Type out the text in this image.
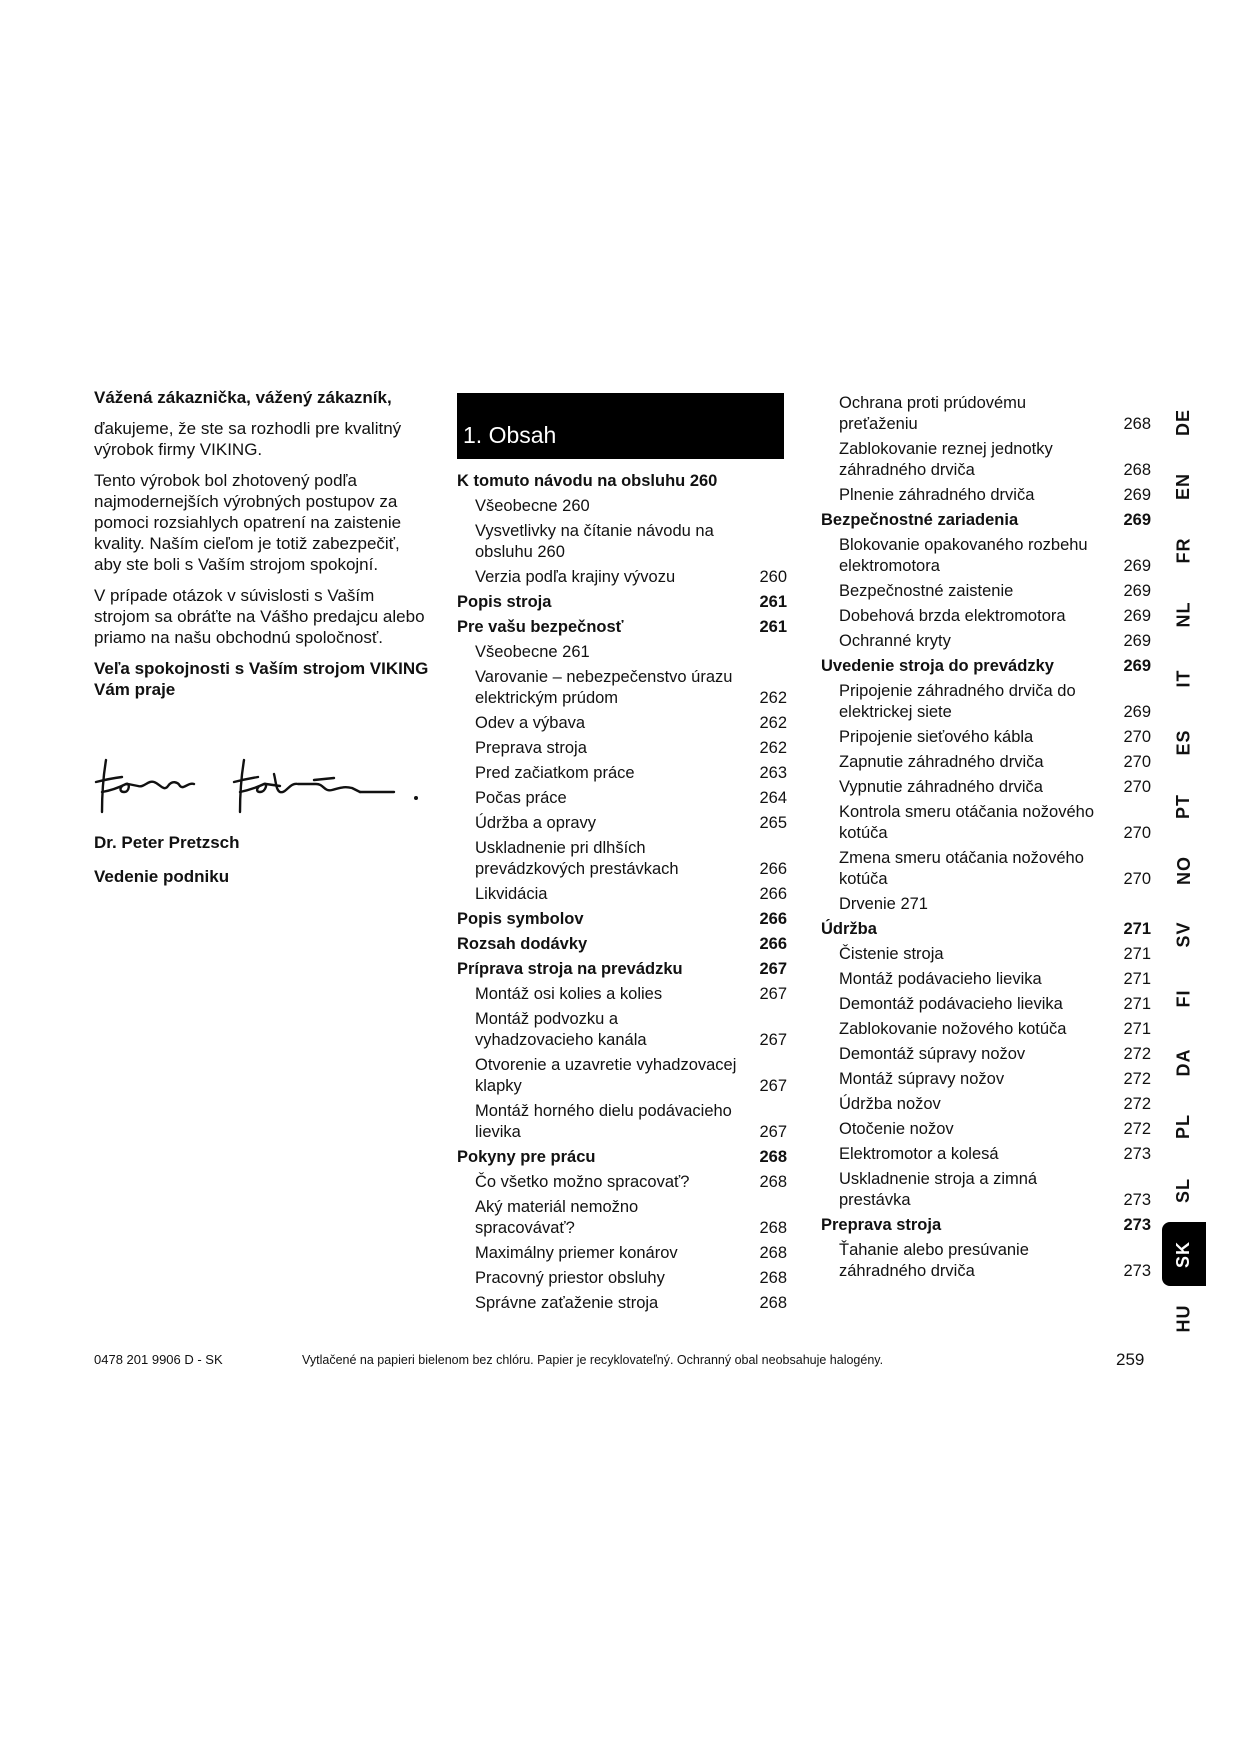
Vážená zákaznička, vážený zákazník,

ďakujeme, že ste sa rozhodli pre kvalitný výrobok firmy VIKING.

Tento výrobok bol zhotovený podľa najmodernejších výrobných postupov za pomoci rozsiahlych opatrení na zaistenie kvality. Naším cieľom je totiž zabezpečiť, aby ste boli s Vaším strojom spokojní.

V prípade otázok v súvislosti s Vaším strojom sa obráťte na Vášho predajcu alebo priamo na našu obchodnú spoločnosť.

Veľa spokojnosti s Vaším strojom VIKING Vám praje

Peter Pretzsch
Dr. Peter Pretzsch
Vedenie podniku
1. Obsah
K tomuto návodu na obsluhu 260
Všeobecne 260
Vysvetlivky na čítanie návodu na obsluhu 260
Verzia podľa krajiny vývozu	260
Popis stroja	261
Pre vašu bezpečnosť	261
Všeobecne 261
Varovanie – nebezpečenstvo úrazu elektrickým prúdom	262
Odev a výbava	262
Preprava stroja	262
Pred začiatkom práce	263
Počas práce	264
Údržba a opravy	265
Uskladnenie pri dlhších prevádzkových prestávkach	266
Likvidácia	266
Popis symbolov	266
Rozsah dodávky	266
Príprava stroja na prevádzku	267
Montáž osi kolies a kolies	267
Montáž podvozku a vyhadzovacieho kanála	267
Otvorenie a uzavretie vyhadzovacej klapky	267
Montáž horného dielu podávacieho lievika	267
Pokyny pre prácu	268
Čo všetko možno spracovať?	268
Aký materiál nemožno spracovávať?	268
Maximálny priemer konárov	268
Pracovný priestor obsluhy	268
Správne zaťaženie stroja	268
Ochrana proti prúdovému preťaženiu	268
Zablokovanie reznej jednotky záhradného drviča	268
Plnenie záhradného drviča	269
Bezpečnostné zariadenia	269
Blokovanie opakovaného rozbehu elektromotora	269
Bezpečnostné zaistenie	269
Dobehová brzda elektromotora	269
Ochranné kryty	269
Uvedenie stroja do prevádzky	269
Pripojenie záhradného drviča do elektrickej siete	269
Pripojenie sieťového kábla	270
Zapnutie záhradného drviča	270
Vypnutie záhradného drviča	270
Kontrola smeru otáčania nožového kotúča	270
Zmena smeru otáčania nožového kotúča	270
Drvenie 271
Údržba	271
Čistenie stroja	271
Montáž podávacieho lievika	271
Demontáž podávacieho lievika	271
Zablokovanie nožového kotúča	271
Demontáž súpravy nožov	272
Montáž súpravy nožov	272
Údržba nožov	272
Otočenie nožov	272
Elektromotor a kolesá	273
Uskladnenie stroja a zimná prestávka	273
Preprava stroja	273
Ťahanie alebo presúvanie záhradného drviča	273
DE
EN
FR
NL
IT
ES
PT
NO
SV
FI
DA
PL
SL
SK
HU
0478 201 9906 D - SK	Vytlačené na papieri bielenom bez chlóru. Papier je recyklovateľný. Ochranný obal neobsahuje halogény.	259
